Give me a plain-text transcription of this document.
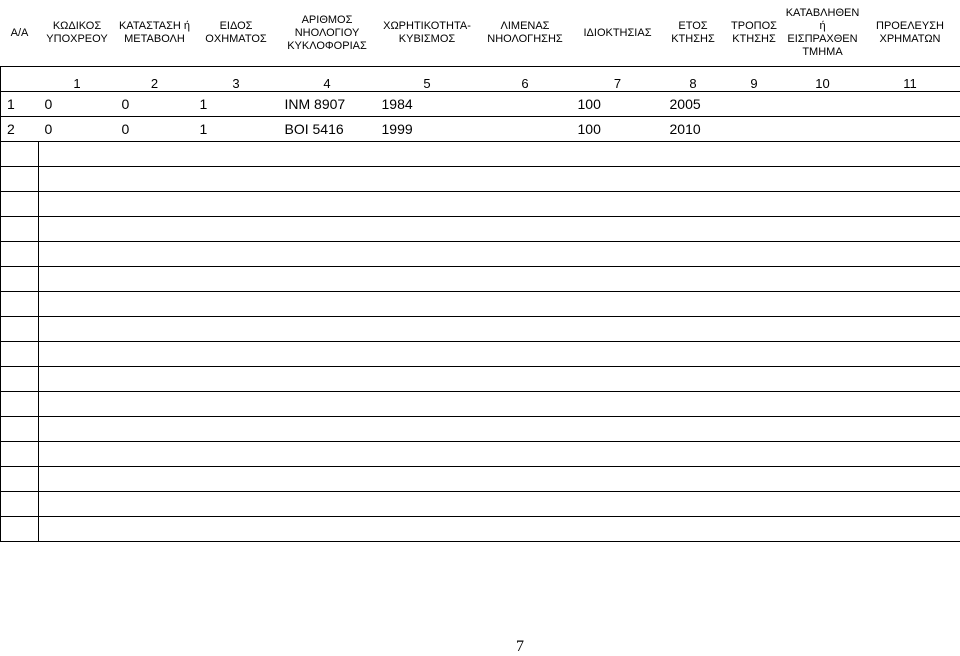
Α/Α	ΚΩΔΙΚΟΣ ΥΠΟΧΡΕΟΥ	ΚΑΤΑΣΤΑΣΗ ή ΜΕΤΑΒΟΛΗ	ΕΙΔΟΣ ΟΧΗΜΑΤΟΣ	ΑΡΙΘΜΟΣ ΝΗΟΛΟΓΙΟΥ ΚΥΚΛΟΦΟΡΙΑΣ	ΧΩΡΗΤΙΚΟΤΗΤΑ-ΚΥΒΙΣΜΟΣ	ΛΙΜΕΝΑΣ ΝΗΟΛΟΓΗΣΗΣ	ΙΔΙΟΚΤΗΣΙΑΣ	ΕΤΟΣ ΚΤΗΣΗΣ	ΤΡΟΠΟΣ ΚΤΗΣΗΣ	ΚΑΤΑΒΛΗΘΕΝ ή ΕΙΣΠΡΑΧΘΕΝ ΤΜΗΜΑ	ΠΡΟΕΛΕΥΣΗ ΧΡΗΜΑΤΩΝ
	1	2	3	4	5	6	7	8	9	10	11
1	0	0	1	ΙΝΜ 8907	1984		100	2005			
2	0	0	1	ΒΟΙ 5416	1999		100	2010			

7
